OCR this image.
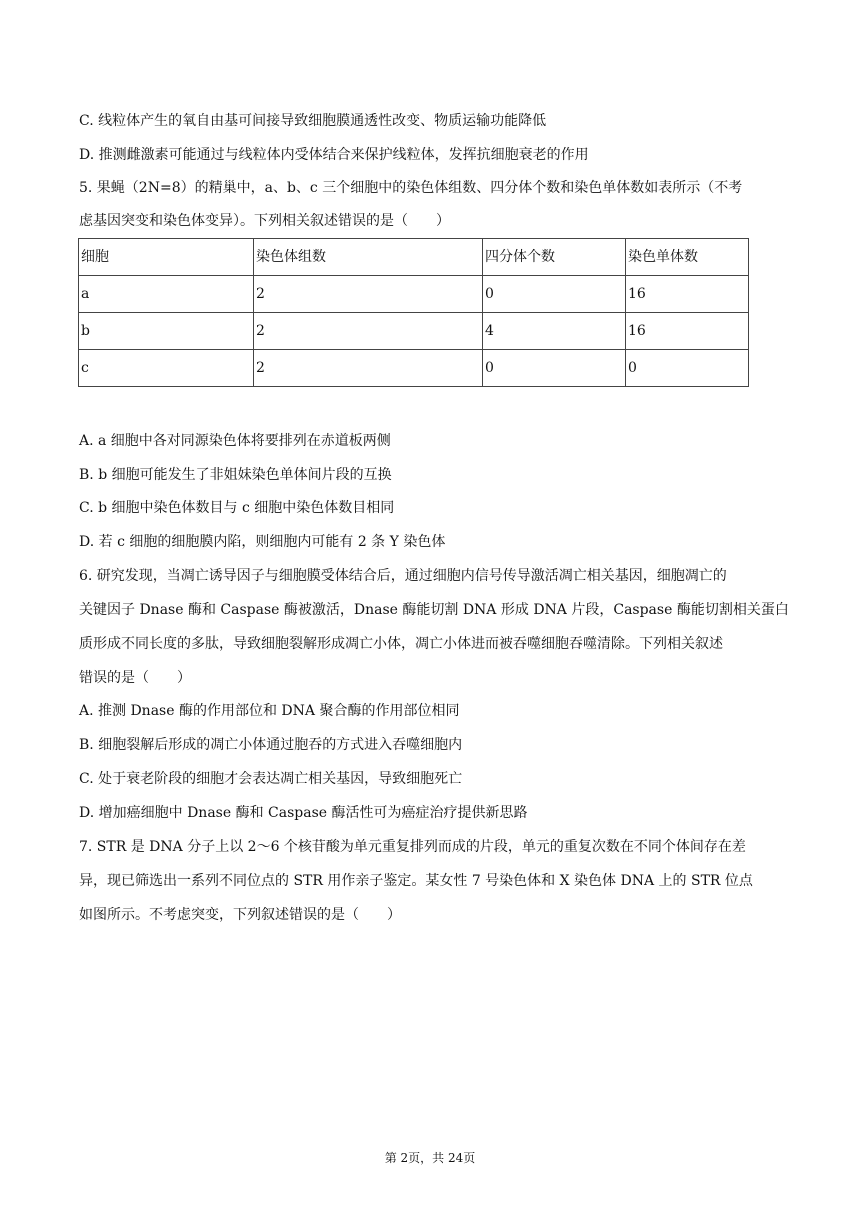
C. 线粒体产生的氧自由基可间接导致细胞膜通透性改变、物质运输功能降低
D. 推测雌激素可能通过与线粒体内受体结合来保护线粒体，发挥抗细胞衰老的作用
5. 果蝇（2N=8）的精巢中，a、b、c 三个细胞中的染色体组数、四分体个数和染色单体数如表所示（不考
虑基因突变和染色体变异）。下列相关叙述错误的是（　　）
细胞	染色体组数	四分体个数	染色单体数
a	2	0	16
b	2	4	16
c	2	0	0
A. a 细胞中各对同源染色体将要排列在赤道板两侧
B. b 细胞可能发生了非姐妹染色单体间片段的互换
C. b 细胞中染色体数目与 c 细胞中染色体数目相同
D. 若 c 细胞的细胞膜内陷，则细胞内可能有 2 条 Y 染色体
6. 研究发现，当凋亡诱导因子与细胞膜受体结合后，通过细胞内信号传导激活凋亡相关基因，细胞凋亡的
关键因子 Dnase 酶和 Caspase 酶被激活，Dnase 酶能切割 DNA 形成 DNA 片段，Caspase 酶能切割相关蛋白
质形成不同长度的多肽，导致细胞裂解形成凋亡小体，凋亡小体进而被吞噬细胞吞噬清除。下列相关叙述
错误的是（　　）
A. 推测 Dnase 酶的作用部位和 DNA 聚合酶的作用部位相同
B. 细胞裂解后形成的凋亡小体通过胞吞的方式进入吞噬细胞内
C. 处于衰老阶段的细胞才会表达凋亡相关基因，导致细胞死亡
D. 增加癌细胞中 Dnase 酶和 Caspase 酶活性可为癌症治疗提供新思路
7. STR 是 DNA 分子上以 2～6 个核苷酸为单元重复排列而成的片段，单元的重复次数在不同个体间存在差
异，现已筛选出一系列不同位点的 STR 用作亲子鉴定。某女性 7 号染色体和 X 染色体 DNA 上的 STR 位点
如图所示。不考虑突变，下列叙述错误的是（　　）
第 2页，共 24页
